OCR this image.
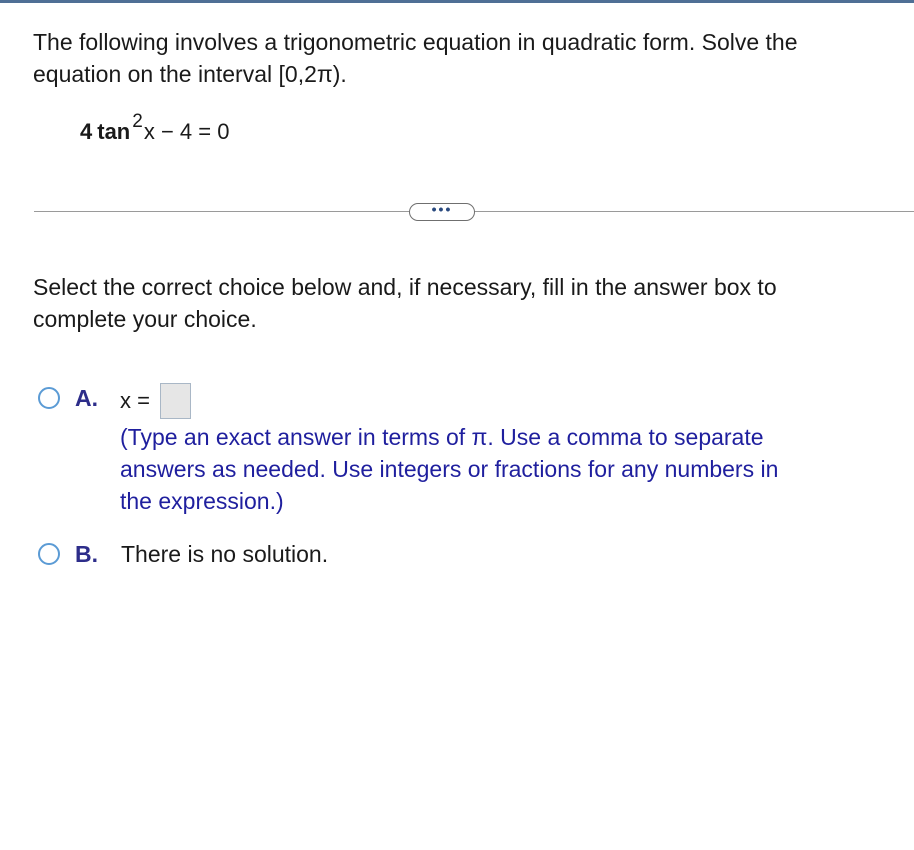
The following involves a trigonometric equation in quadratic form. Solve the
equation on the interval [0,2π).
4 tan 2x − 4 = 0
•••
Select the correct choice below and, if necessary, fill in the answer box to
complete your choice.
A. x =
(Type an exact answer in terms of π. Use a comma to separate
answers as needed. Use integers or fractions for any numbers in
the expression.)
B. There is no solution.
